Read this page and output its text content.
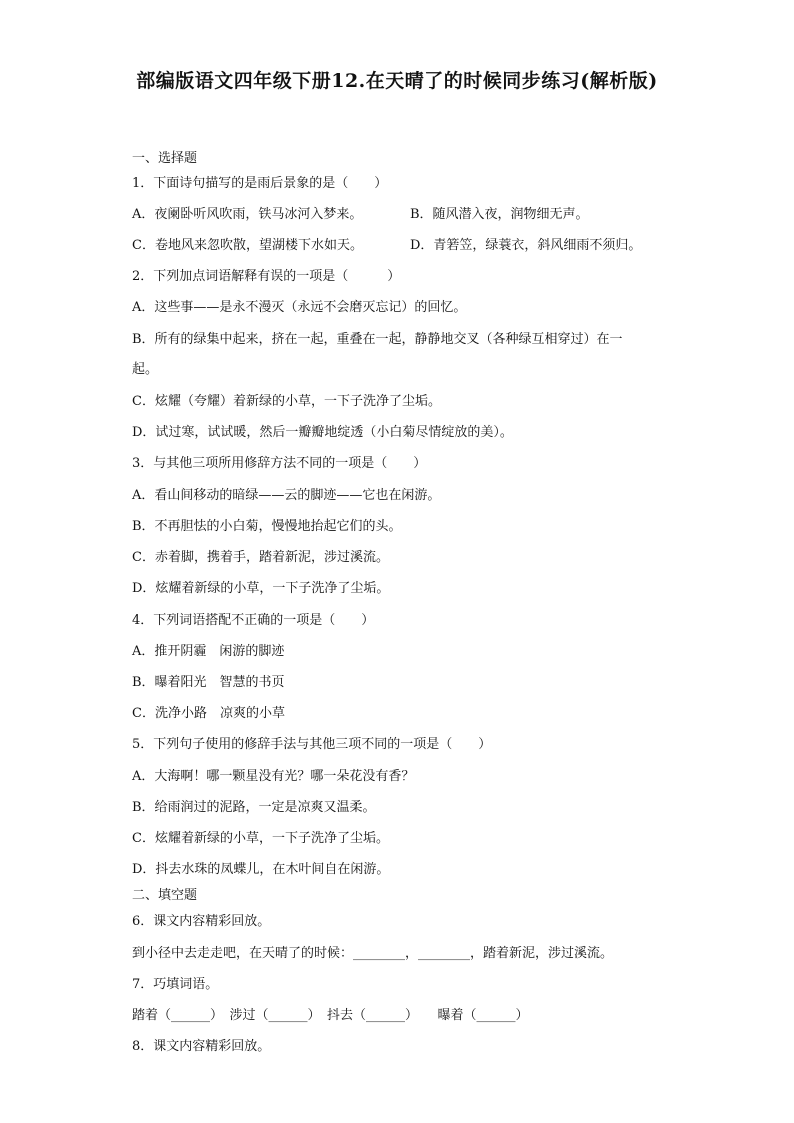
部编版语文四年级下册12.在天晴了的时候同步练习(解析版)
一、选择题
1．下面诗句描写的是雨后景象的是（　　）
A．夜阑卧听风吹雨，铁马冰河入梦来。	B．随风潜入夜，润物细无声。
C．卷地风来忽吹散，望湖楼下水如天。	D．青箬笠，绿蓑衣，斜风细雨不须归。
2．下列加点词语解释有误的一项是（　　　）
A．这些事——是永不漫灭（永远不会磨灭忘记）的回忆。
B．所有的绿集中起来，挤在一起，重叠在一起，静静地交叉（各种绿互相穿过）在一
起。
C．炫耀（夸耀）着新绿的小草，一下子洗净了尘垢。
D．试过寒，试试暖，然后一瓣瓣地绽透（小白菊尽情绽放的美）。
3．与其他三项所用修辞方法不同的一项是（　　）
A．看山间移动的暗绿——云的脚迹——它也在闲游。
B．不再胆怯的小白菊，慢慢地抬起它们的头。
C．赤着脚，携着手，踏着新泥，涉过溪流。
D．炫耀着新绿的小草，一下子洗净了尘垢。
4．下列词语搭配不正确的一项是（　　）
A．推开阴霾　闲游的脚迹
B．曝着阳光　智慧的书页
C．洗净小路　凉爽的小草
5．下列句子使用的修辞手法与其他三项不同的一项是（　　）
A．大海啊！哪一颗星没有光？哪一朵花没有香？
B．给雨润过的泥路，一定是凉爽又温柔。
C．炫耀着新绿的小草，一下子洗净了尘垢。
D．抖去水珠的凤蝶儿，在木叶间自在闲游。
二、填空题
6．课文内容精彩回放。
到小径中去走走吧，在天晴了的时候：________，________，踏着新泥，涉过溪流。
7．巧填词语。
踏着（______）　涉过（______）　抖去（______）　　曝着（______）
8．课文内容精彩回放。
